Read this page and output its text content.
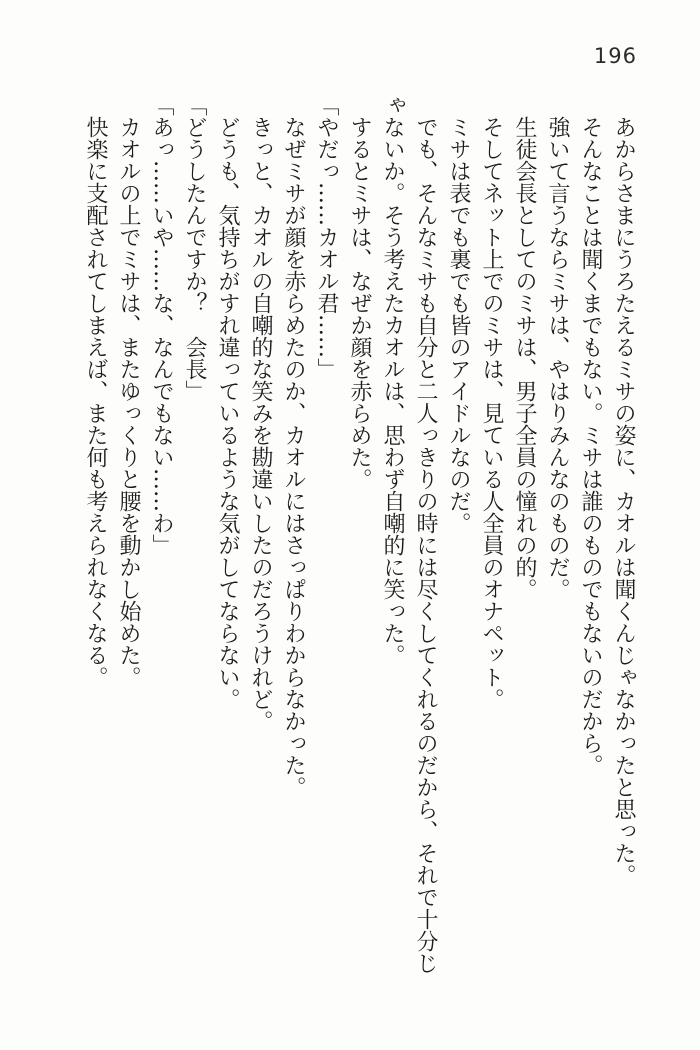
196

あからさまにうろたえるミサの姿に、カオルは聞くんじゃなかったと思った。

そんなことは聞くまでもない。ミサは誰のものでもないのだから。

強いて言うならミサは、やはりみんなのものだ。

生徒会長としてのミサは、男子全員の憧れの的。

そしてネット上でのミサは、見ている人全員のオナペット。

ミサは表でも裏でも皆のアイドルなのだ。

でも、そんなミサも自分と二人っきりの時には尽くしてくれるのだから、それで十分じゃないか。そう考えたカオルは、思わず自嘲的に笑った。

するとミサは、なぜか顔を赤らめた。

「やだっ……カオル君……」

なぜミサが顔を赤らめたのか、カオルにはさっぱりわからなかった。

きっと、カオルの自嘲的な笑みを勘違いしたのだろうけれど。

どうも、気持ちがすれ違っているような気がしてならない。

「どうしたんですか？　会長」

「あっ……いや……な、なんでもない……わ」

カオルの上でミサは、またゆっくりと腰を動かし始めた。

快楽に支配されてしまえば、また何も考えられなくなる。
